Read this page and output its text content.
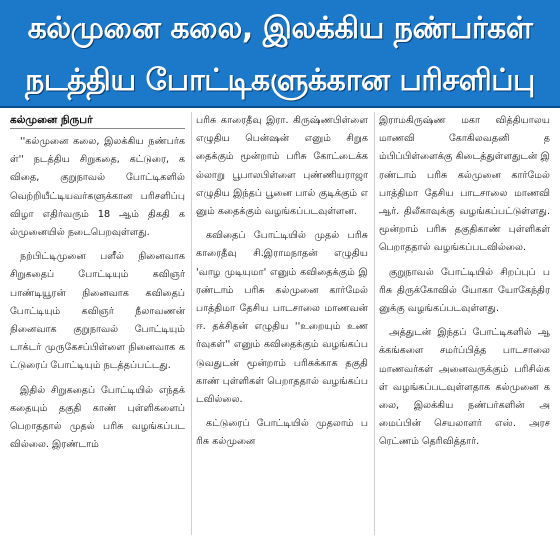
கல்முனை கலை, இலக்கிய நண்பர்கள்
நடத்திய போட்டிகளுக்கான பரிசளிப்பு
கல்முனை நிருபர்

''கல்முனை கலை, இலக்கிய நண்பர்கள்'' நடத்திய சிறுகதை, கட்டுரை, கவிதை, குறுநாவல் போட்டிகளில் வெற்றியீட்டியவர்களுக்கான பரிசளிப்பு விழா எதிர்வரும் 18 ஆம் திகதி கல்முனையில் நடைபெறவுள்ளது.

நற்பிட்டிமுனை பளீல் நினைவாக சிறுகதைப் போட்டியும் கவிஞர் பாண்டியூரன் நினைவாக கவிதைப் போட்டியும் கவிஞர் நீலாவணன் நினைவாக குறுநாவல் போட்டியும் டாக்டர் முருகேசப்பிள்ளை நினைவாக கட்டுரைப் போட்டியும் நடத்தப்பட்டது.

இதில் சிறுகதைப் போட்டியில் எந்தக் கதையும் தகுதி காண் புள்ளிகளைப் பெறாததால் முதல் பரிசு வழங்கப்படவில்லை. இரண்டாம்

பரிசு காரைதீவு இரா. கிருஷ்ணபிள்ளை எழுதிய பென்ஷன் எனும் சிறுகதைக்கும் மூன்றாம் பரிசு கோட்டைக்கல்லாறு பூபாலபிள்ளை புண்ணியராஜா எழுதிய இந்தப் பூனை பால் குடிக்கும் எனும் கதைக்கும் வழங்கப்படவுள்ளன.

கவிதைப் போட்டியில் முதல் பரிசு காரைதீவு சி.இராமநாதன் எழுதிய 'வாழ முடியுமா' எனும் கவிதைக்கும் இரண்டாம் பரிசு கல்முனை கார்மேல் பாத்திமா தேசிய பாடசாலை மாணவன் ஈ. தக்சிதன் எழுதிய ''உறையும் உணர்வுகள்'' எனும் கவிதைக்கும் வழங்கப்படுவதுடன் மூன்றாம் பரிசுக்காக தகுதி காண் புள்ளிகள் பெறாததால் வழங்கப்படவில்லை.

கட்டுரைப் போட்டியில் முதலாம் பரிசு கல்முனை

இராமகிருஷ்ண மகா வித்தியாலய மாணவி கோகிலவதனி தம்பிப்பிள்ளைக்கு கிடைத்துள்ளதுடன் இரண்டாம் பரிசு கல்முனை கார்மேல் பாத்திமா தேசிய பாடசாலை மாணவி ஆர். திலீகாவுக்கு வழங்கப்பட்டுள்ளது. மூன்றாம் பரிசு தகுதிகாண் புள்ளிகள் பெறாததால் வழங்கப்படவில்லை.

குறுநாவல் போட்டியில் சிறப்புப் பரிசு திருக்கோவில் யோகா யோகேந்திரனுக்கு வழங்கப்படவுள்ளது.

அத்துடன் இந்தப் போட்டிகளில் ஆக்கங்களை சமர்ப்பித்த பாடசாலை மாணவர்கள் அனைவருக்கும் பரிசில்கள் வழங்கப்படவுள்ளதாக கல்முனை கலை, இலக்கிய நண்பர்களின் அமைப்பின் செயலாளர் எஸ். அரசரெட்ணம் தெரிவித்தார்.
